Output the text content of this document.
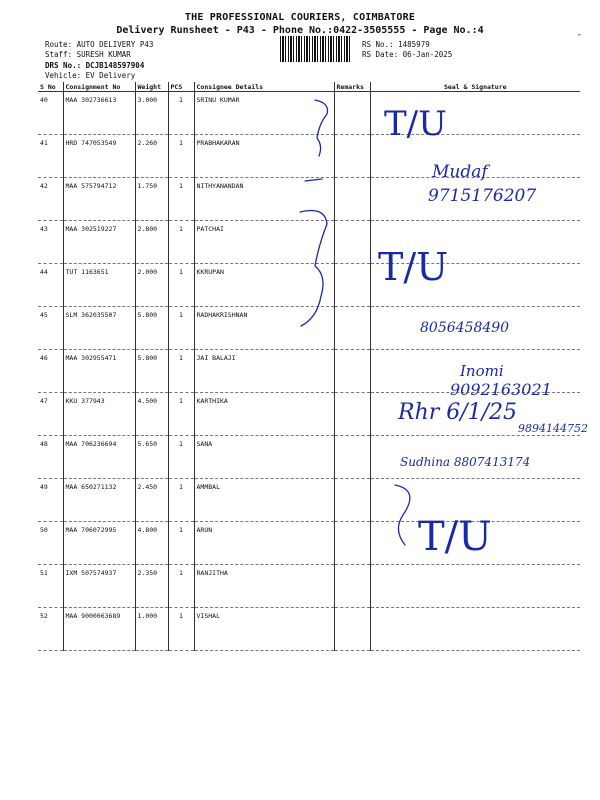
THE PROFESSIONAL COURIERS, COIMBATORE
Delivery Runsheet - P43 - Phone No.:0422-3505555 - Page No.:4	-
Route: AUTO DELIVERY P43
Staff: SURESH KUMAR
DRS No.: DCJB148597904
Vehicle: EV Delivery
RS No.: 1485979
RS Date: 06-Jan-2025
S No	Consignment No	Weight	PCS	Consignee Details	Remarks	Seal & Signature
40	MAA 302736613	3.000	1	SRINU KUMAR		
41	HRD 747053549	2.260	1	PRABHAKARAN		
42	MAA 575794712	1.750	1	NITHYANANDAN		
43	MAA 302519227	2.800	1	PATCHAI		
44	TUT 1163651	2.000	1	KKRUPAN		
45	SLM 362035507	5.800	1	RADHAKRISHNAN		
46	MAA 302955471	5.800	1	JAI BALAJI		
47	KKU 377943	4.500	1	KARTHIKA		
48	MAA 706236694	5.650	1	SANA		
49	MAA 650271132	2.450	1	AMMBAL		
50	MAA 706072995	4.800	1	ARUN		
51	IXM 507574937	2.350	1	RANJITHA		
52	MAA 9000063689	1.000	1	VISHAL		
T/U
Mudaf
9715176207
T/U
8056458490
Inomi
9092163021
Rhr 6/1/25
9894144752
Sudhina 8807413174
T/U
